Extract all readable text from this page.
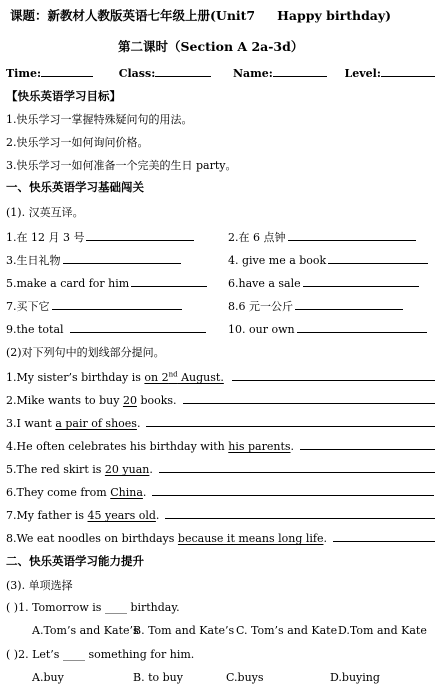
课题：新教材人教版英语七年级上册(Unit7 Happy birthday)
第二课时（Section A 2a-3d）
Time:	Class:	Name:	Level:
【快乐英语学习目标】
1.快乐学习一掌握特殊疑问句的用法。
2.快乐学习一如何询问价格。
3.快乐学习一如何准备一个完美的生日 party。
一、快乐英语学习基础闯关
(1). 汉英互译。
1.在 12 月 3 号	2.在 6 点钟
3.生日礼物	4. give me a book
5.make a card for him	6.have a sale
7.买下它	8.6 元一公斤
9.the total	10. our own
(2)对下列句中的划线部分提问。
1.My sister’s birthday is on 2nd August.
2.Mike wants to buy 20 books.
3.I want a pair of shoes.
4.He often celebrates his birthday with his parents.
5.The red skirt is 20 yuan.
6.They come from China.
7.My father is 45 years old.
8.We eat noodles on birthdays because it means long life.
二、快乐英语学习能力提升
(3). 单项选择
( )1. Tomorrow is ____ birthday.
A.Tom’s and Kate’s
B. Tom and Kate’s C. Tom’s and Kate D.Tom and Kate
( )2. Let’s ____ something for him.
A.buy	B. to buy	C.buys	D.buying
